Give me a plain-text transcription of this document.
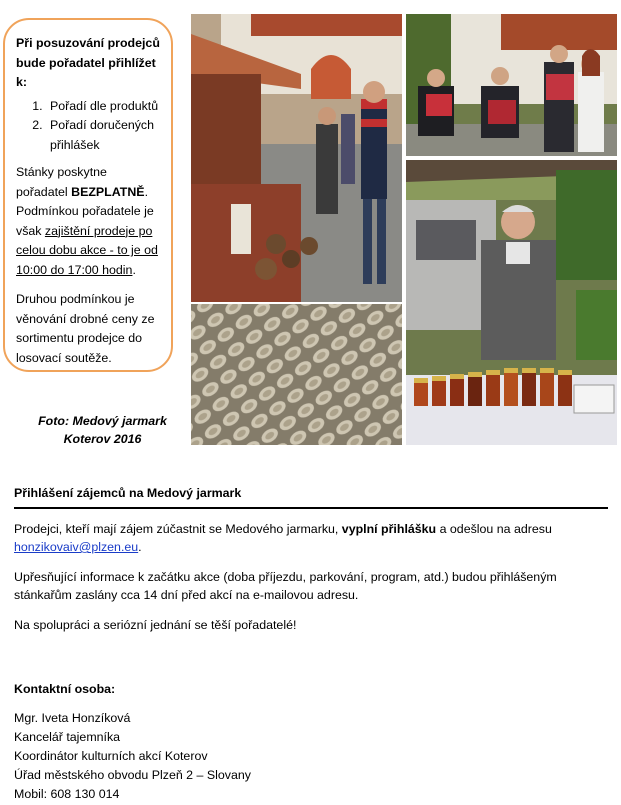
Při posuzování prodejců bude pořadatel přihlížet k:
1. Pořadí dle produktů
2. Pořadí doručených přihlášek

Stánky poskytne pořadatel BEZPLATNĚ. Podmínkou pořadatele je však zajištění prodeje po celou dobu akce - to je od 10:00 do 17:00 hodin.

Druhou podmínkou je věnování drobné ceny ze sortimentu prodejce do losovací soutěže.

Foto: Medový jarmark
Koterov 2016
Přihlášení zájemců na Medový jarmark

Prodejci, kteří mají zájem zúčastnit se Medového jarmarku, vyplní přihlášku a odešlou na adresu honzikovaiv@plzen.eu.

Upřesňující informace k začátku akce (doba příjezdu, parkování, program, atd.) budou přihlášeným stánkařům zaslány cca 14 dní před akcí na e-mailovou adresu.

Na spolupráci a seriózní jednání se těší pořadatelé!

Kontaktní osoba:
Mgr. Iveta Honzíková
Kancelář tajemníka
Koordinátor kulturních akcí Koterov
Úřad městského obvodu Plzeň 2 – Slovany
Mobil: 608 130 014
